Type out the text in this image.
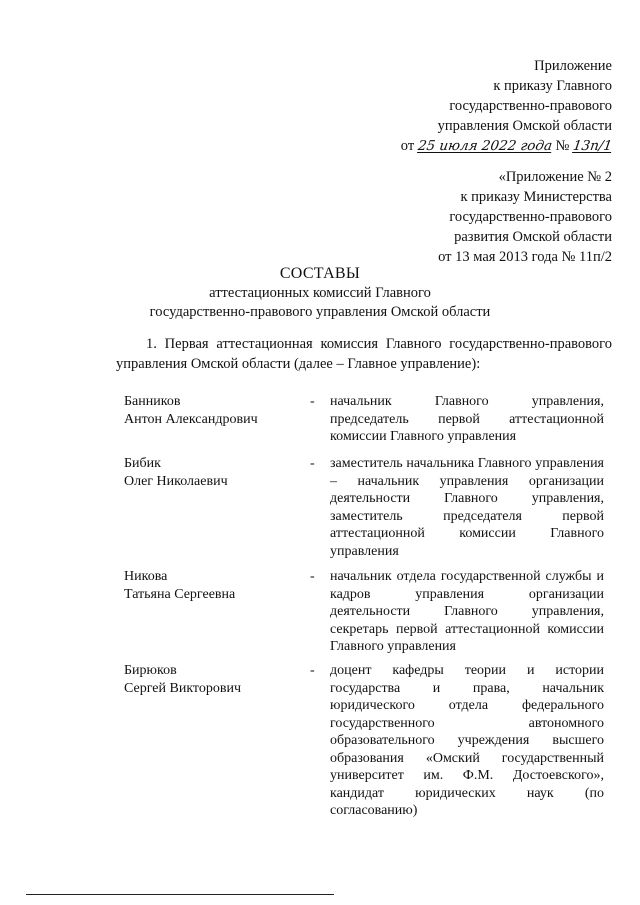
Приложение
к приказу Главного
государственно-правового
управления Омской области
от 25 июля 2022 года № 13п/1
«Приложение № 2
к приказу Министерства
государственно-правового
развития Омской области
от 13 мая 2013 года № 11п/2
СОСТАВЫ
аттестационных комиссий Главного
государственно-правового управления Омской области
1. Первая аттестационная комиссия Главного государственно-правового управления Омской области (далее – Главное управление):
Банников
Антон Александрович
- начальник Главного управления, председатель первой аттестационной комиссии Главного управления
Бибик
Олег Николаевич
- заместитель начальника Главного управления – начальник управления организации деятельности Главного управления, заместитель председателя первой аттестационной комиссии Главного управления
Никова
Татьяна Сергеевна
- начальник отдела государственной службы и кадров управления организации деятельности Главного управления, секретарь первой аттестационной комиссии Главного управления
Бирюков
Сергей Викторович
- доцент кафедры теории и истории государства и права, начальник юридического отдела федерального государственного автономного образовательного учреждения высшего образования «Омский государственный университет им. Ф.М. Достоевского», кандидат юридических наук (по согласованию)
